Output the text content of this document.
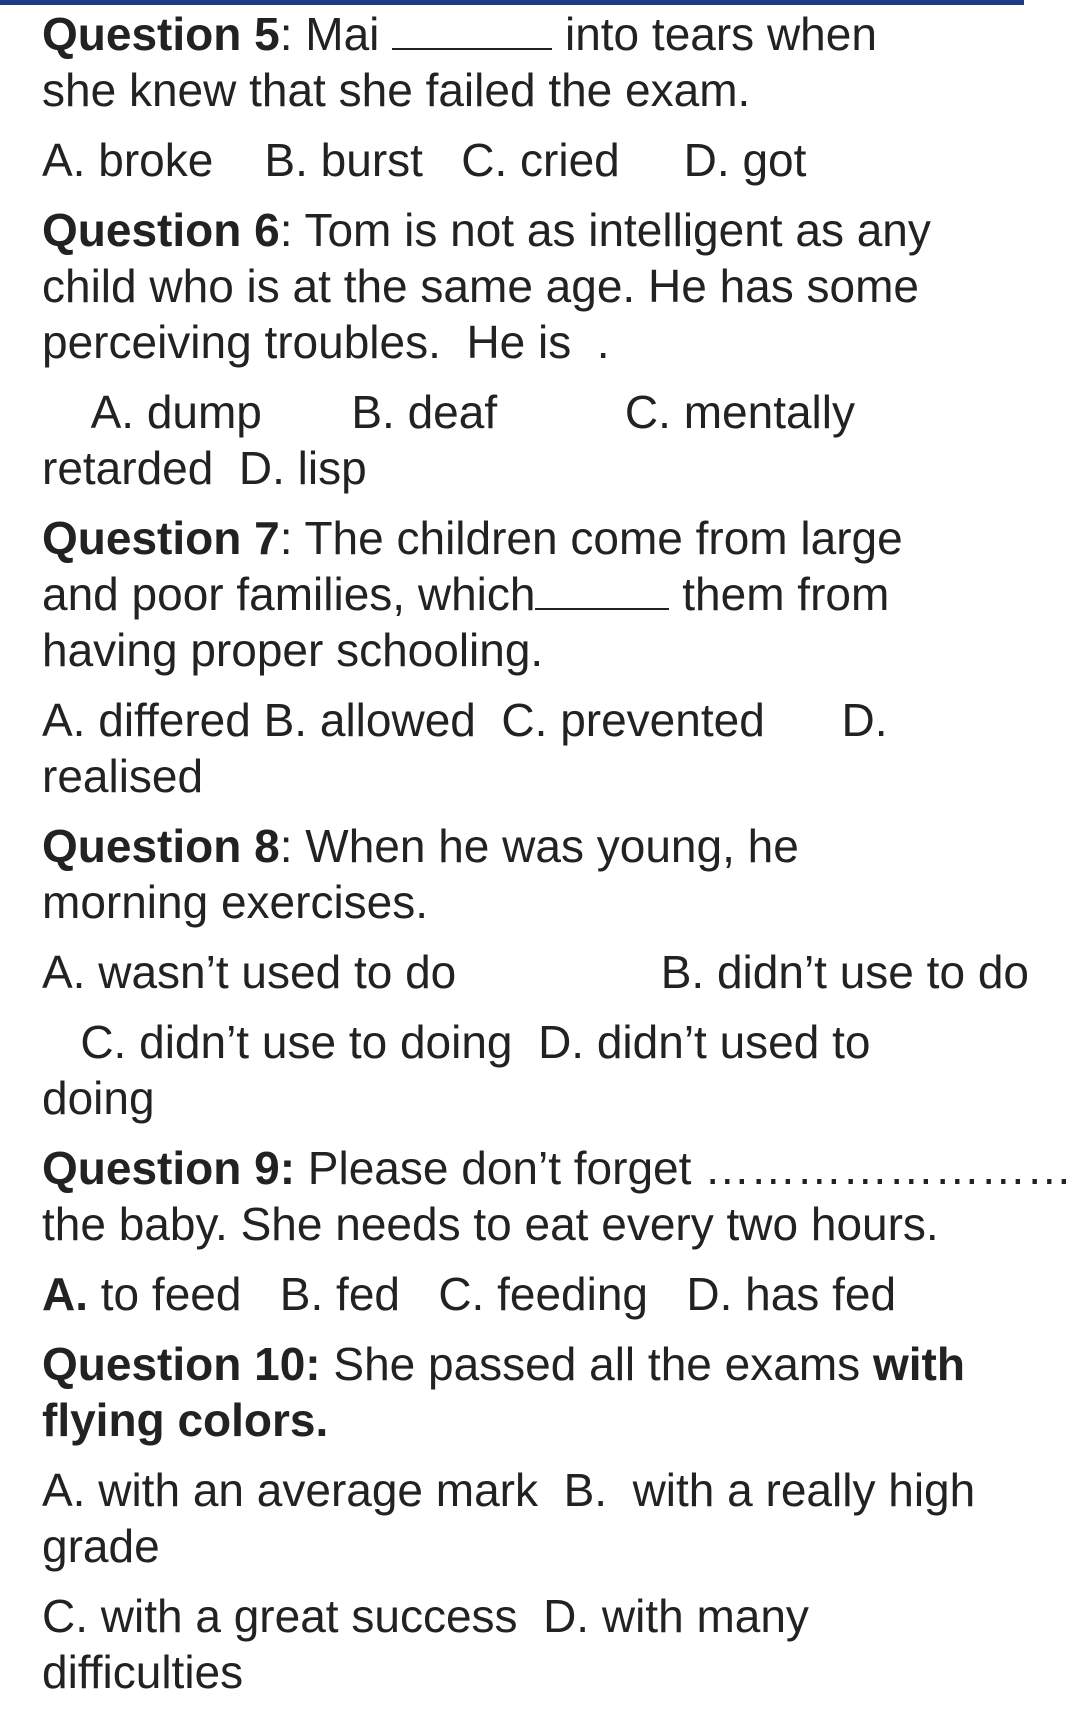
Question 5: Mai	into tears when
she knew that she failed the exam.
A. broke    B. burst   C. cried     D. got
Question 6: Tom is not as intelligent as any
child who is at the same age. He has some
perceiving troubles.  He is  .
A. dump       B. deaf          C. mentally
retarded  D. lisp
Question 7: The children come from large
and poor families, which	them from
having proper schooling.
A. differed B. allowed  C. prevented      D.
realised
Question 8: When he was young, he
morning exercises.
A. wasn’t used to do                B. didn’t use to do
C. didn’t use to doing  D. didn’t used to
doing
Question 9: Please don’t forget ……………………
the baby. She needs to eat every two hours.
A. to feed   B. fed   C. feeding   D. has fed
Question 10: She passed all the exams with
flying colors.
A. with an average mark  B.  with a really high
grade
C. with a great success  D. with many
difficulties
